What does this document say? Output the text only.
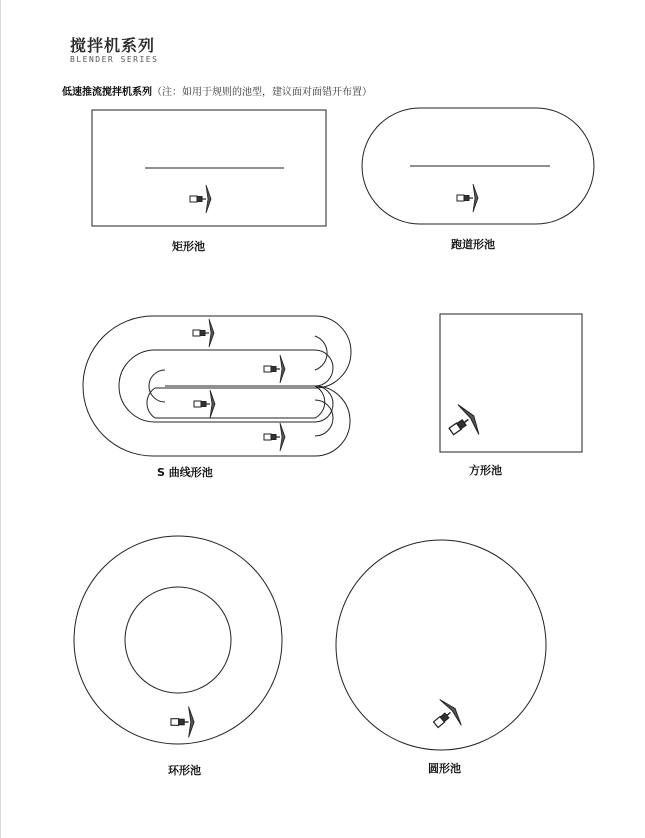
搅拌机系列
BLENDER SERIES
低速推流搅拌机系列（注：如用于规则的池型，建议面对面错开布置）
矩形池	跑道形池
S 曲线形池	方形池
环形池	圆形池
